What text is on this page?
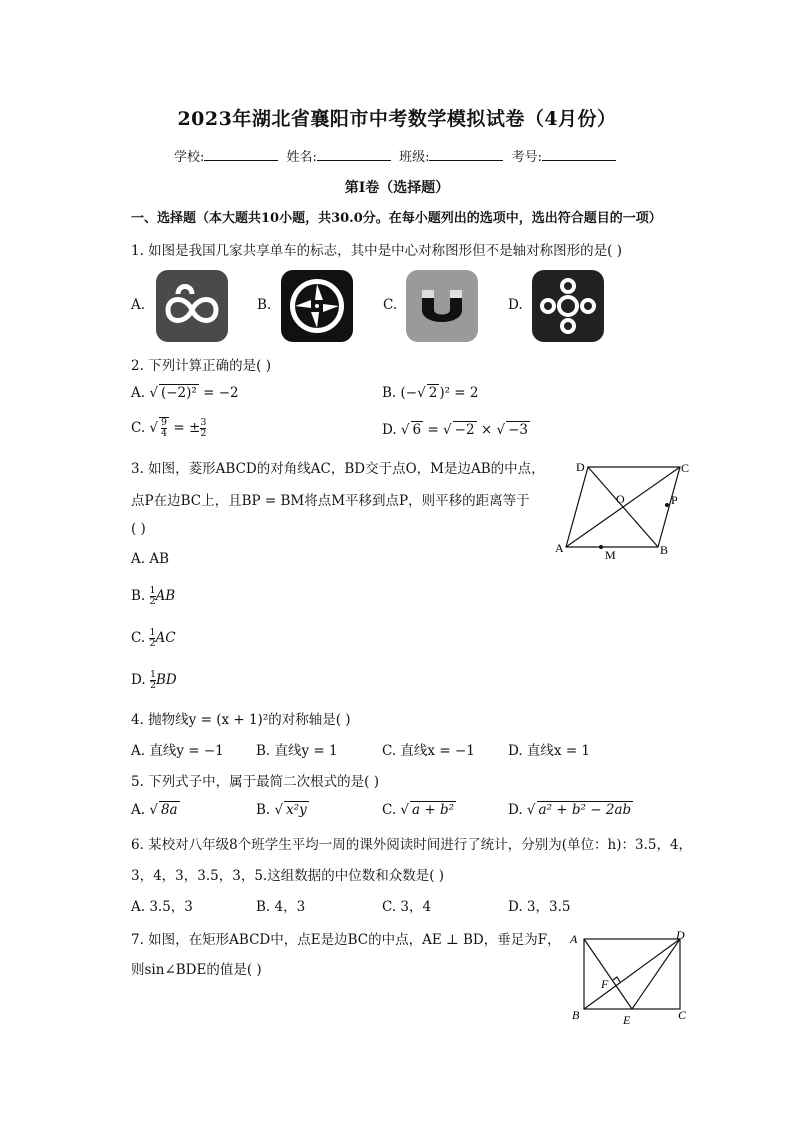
2023年湖北省襄阳市中考数学模拟试卷（4月份）
学校:	姓名:	班级:	考号:
第I卷（选择题）
一、选择题（本大题共10小题，共30.0分。在每小题列出的选项中，选出符合题目的一项）
1. 如图是我国几家共享单车的标志，其中是中心对称图形但不是轴对称图形的是( )
A.	B.	C.	D.
2. 下列计算正确的是( )
A. √ (−2)² = −2	B. (−√ 2 )² = 2
C. √ $\frac{9}{4}$ = ± $\frac{3}{2}$	D. √ 6 = √ −2 × √ −3
3. 如图，菱形ABCD的对角线AC，BD交于点O，M是边AB的中点，
点P在边BC上，且BP = BM将点M平移到点P，则平移的距离等于
( )
A. AB
B. $\frac{1}{2}$ AB
C. $\frac{1}{2}$ AC
D. $\frac{1}{2}$ BD
D	C
O	P
A	M	B
4. 抛物线y = (x + 1)²的对称轴是( )
A. 直线y = −1 B. 直线y = 1	C. 直线x = −1 D. 直线x = 1
5. 下列式子中，属于最简二次根式的是( )
A. √ 8a	B. √ x²y	C. √ a + b²	D. √ a² + b² − 2ab
6. 某校对八年级8个班学生平均一周的课外阅读时间进行了统计，分别为(单位：h)：3.5，4，
3，4，3，3.5，3，5.这组数据的中位数和众数是( )
A. 3.5，3	B. 4，3	C. 3，4	D. 3，3.5
7. 如图，在矩形ABCD中，点E是边BC的中点，AE ⊥ BD，垂足为F，
则sin∠BDE的值是( )
A	D
F
B	E	C
